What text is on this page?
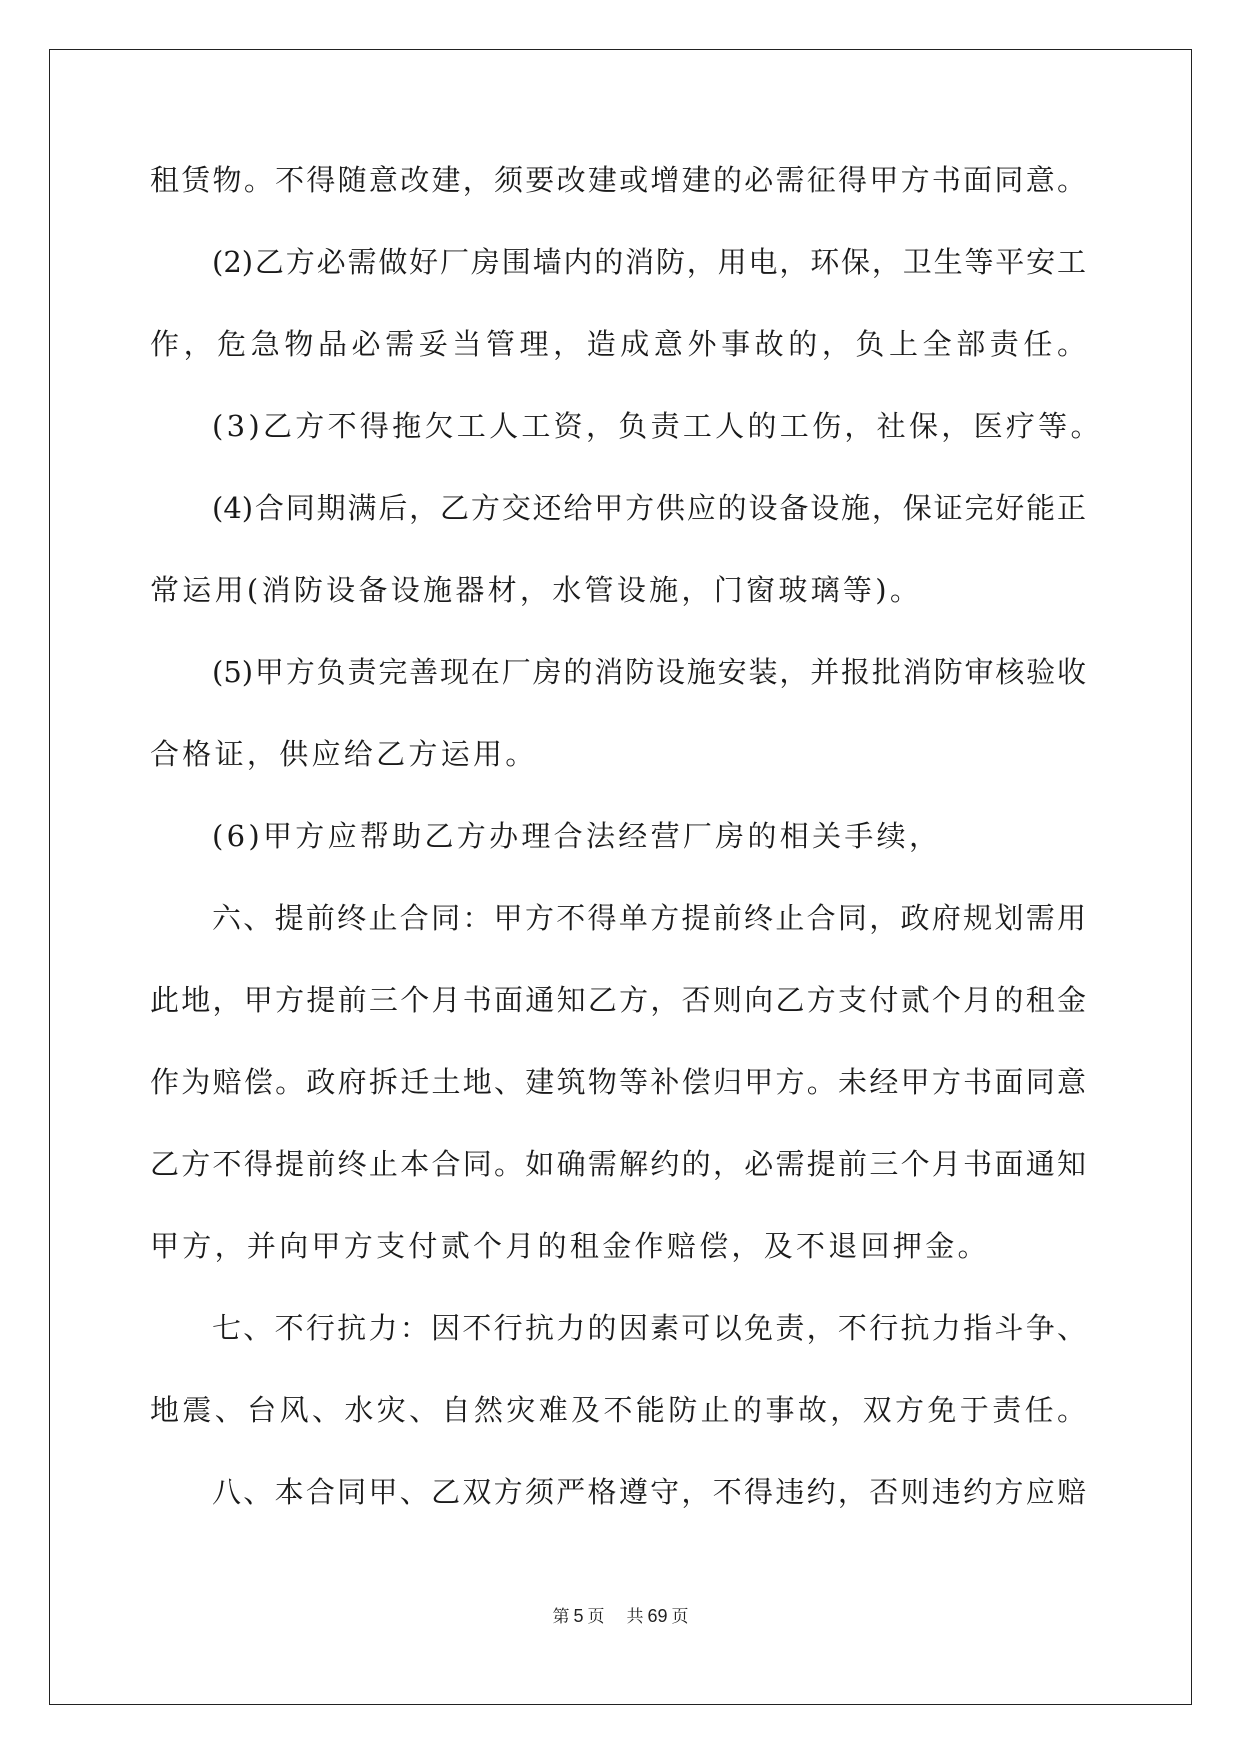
租赁物。不得随意改建，须要改建或增建的必需征得甲方书面同意。
(2)乙方必需做好厂房围墙内的消防，用电，环保，卫生等平安工
作，危急物品必需妥当管理，造成意外事故的，负上全部责任。
(3)乙方不得拖欠工人工资，负责工人的工伤，社保，医疗等。
(4)合同期满后，乙方交还给甲方供应的设备设施，保证完好能正
常运用(消防设备设施器材，水管设施，门窗玻璃等)。
(5)甲方负责完善现在厂房的消防设施安装，并报批消防审核验收
合格证，供应给乙方运用。
(6)甲方应帮助乙方办理合法经营厂房的相关手续，
六、提前终止合同：甲方不得单方提前终止合同，政府规划需用
此地，甲方提前三个月书面通知乙方，否则向乙方支付贰个月的租金
作为赔偿。政府拆迁土地、建筑物等补偿归甲方。未经甲方书面同意
乙方不得提前终止本合同。如确需解约的，必需提前三个月书面通知
甲方，并向甲方支付贰个月的租金作赔偿，及不退回押金。
七、不行抗力：因不行抗力的因素可以免责，不行抗力指斗争、
地震、台风、水灾、自然灾难及不能防止的事故，双方免于责任。
八、本合同甲、乙双方须严格遵守，不得违约，否则违约方应赔
第 5 页 共 69 页
